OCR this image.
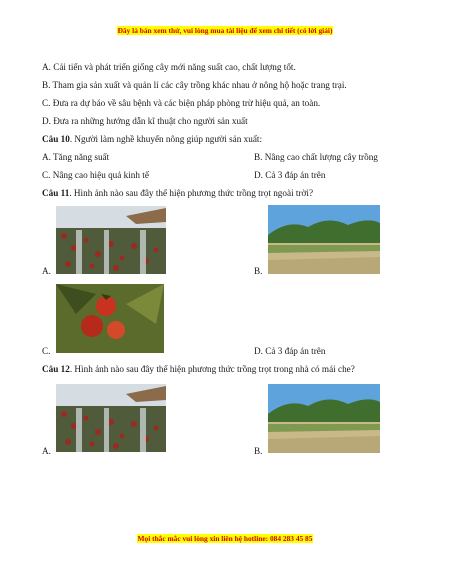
Đây là bản xem thử, vui lòng mua tài liệu để xem chi tiết (có lời giải)
A. Cải tiến và phát triển giống cây mới năng suất cao, chất lượng tốt.
B. Tham gia sản xuất và quản lí các cây trồng khác nhau ở nông hộ hoặc trang trại.
C. Đưa ra dự báo về sâu bệnh và các biện pháp phòng trừ hiệu quả, an toàn.
D. Đưa ra những hướng dẫn kĩ thuật cho người sản xuất
Câu 10. Người làm nghề khuyến nông giúp người sản xuất:
A. Tăng năng suất	B. Nâng cao chất lượng cây trồng
C. Nâng cao hiệu quả kinh tế	D. Cả 3 đáp án trên
Câu 11. Hình ảnh nào sau đây thể hiện phương thức trồng trọt ngoài trời?
A.	B.
C.	D. Cả 3 đáp án trên
Câu 12. Hình ảnh nào sau đây thể hiện phương thức trồng trọt trong nhà có mái che?
A.	B.
Mọi thắc mắc vui lòng xin liên hệ hotline: 084 283 45 85
